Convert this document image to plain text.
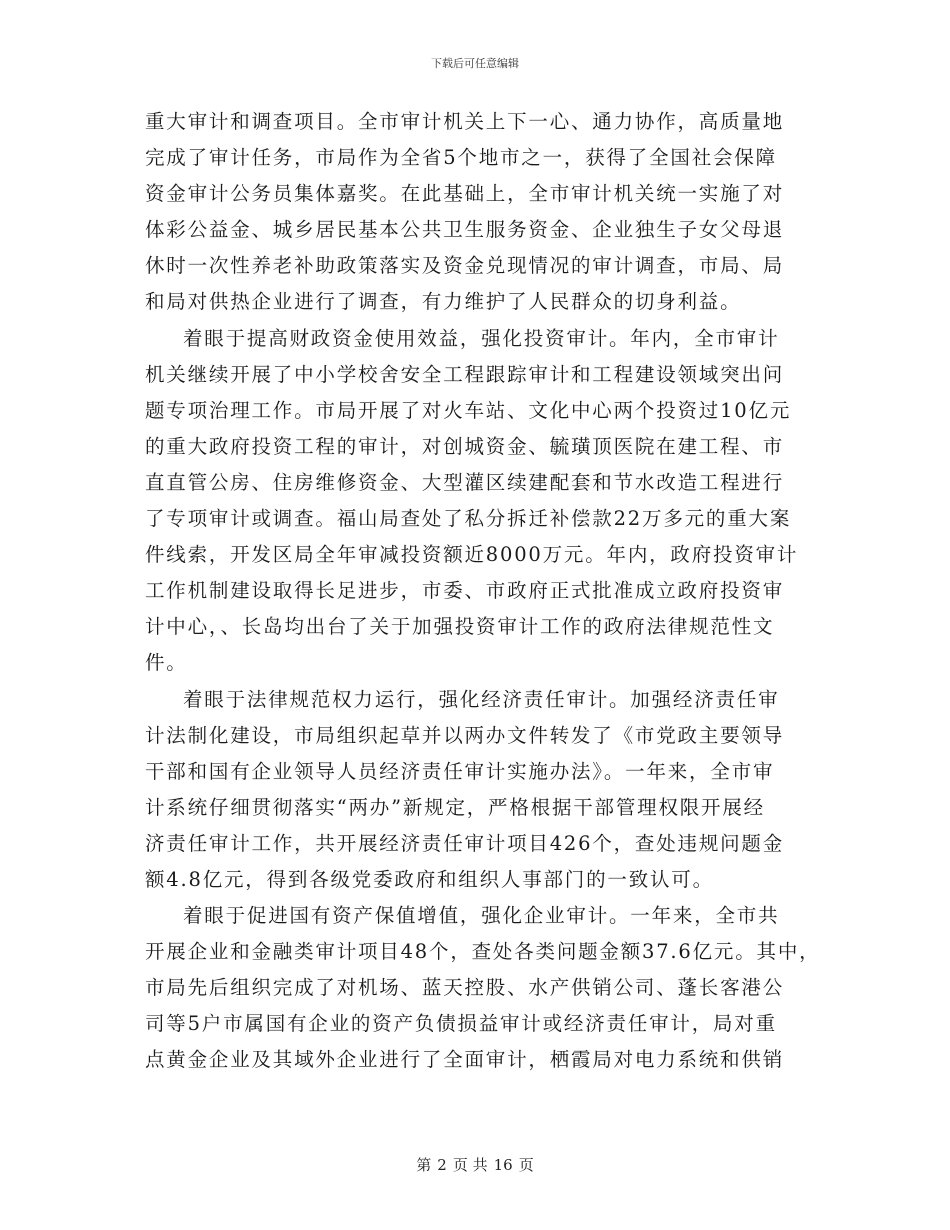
下载后可任意编辑
重大审计和调查项目。全市审计机关上下一心、通力协作，高质量地
完成了审计任务，市局作为全省5个地市之一，获得了全国社会保障
资金审计公务员集体嘉奖。在此基础上，全市审计机关统一实施了对
体彩公益金、城乡居民基本公共卫生服务资金、企业独生子女父母退
休时一次性养老补助政策落实及资金兑现情况的审计调查，市局、局
和局对供热企业进行了调查，有力维护了人民群众的切身利益。
着眼于提高财政资金使用效益，强化投资审计。年内，全市审计
机关继续开展了中小学校舍安全工程跟踪审计和工程建设领域突出问
题专项治理工作。市局开展了对火车站、文化中心两个投资过10亿元
的重大政府投资工程的审计，对创城资金、毓璜顶医院在建工程、市
直直管公房、住房维修资金、大型灌区续建配套和节水改造工程进行
了专项审计或调查。福山局查处了私分拆迁补偿款22万多元的重大案
件线索，开发区局全年审减投资额近8000万元。年内，政府投资审计
工作机制建设取得长足进步，市委、市政府正式批准成立政府投资审
计中心，、长岛均出台了关于加强投资审计工作的政府法律规范性文
件。
着眼于法律规范权力运行，强化经济责任审计。加强经济责任审
计法制化建设，市局组织起草并以两办文件转发了《市党政主要领导
干部和国有企业领导人员经济责任审计实施办法》。一年来，全市审
计系统仔细贯彻落实“两办”新规定，严格根据干部管理权限开展经
济责任审计工作，共开展经济责任审计项目426个，查处违规问题金
额4.8亿元，得到各级党委政府和组织人事部门的一致认可。
着眼于促进国有资产保值增值，强化企业审计。一年来，全市共
开展企业和金融类审计项目48个，查处各类问题金额37.6亿元。其中，
市局先后组织完成了对机场、蓝天控股、水产供销公司、蓬长客港公
司等5户市属国有企业的资产负债损益审计或经济责任审计，局对重
点黄金企业及其域外企业进行了全面审计，栖霞局对电力系统和供销
第 2 页 共 16 页
